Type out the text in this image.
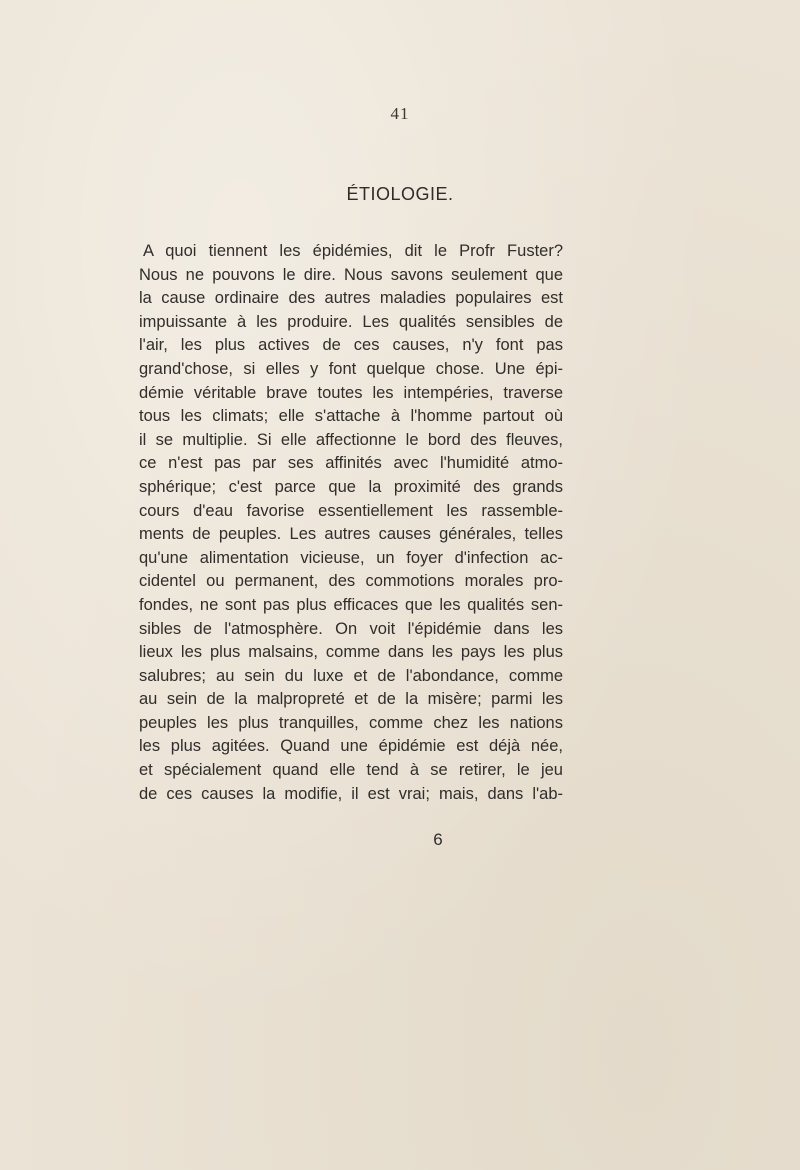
41
ÉTIOLOGIE.
A quoi tiennent les épidémies, dit le Profr Fuster?
Nous ne pouvons le dire. Nous savons seulement que
la cause ordinaire des autres maladies populaires est
impuissante à les produire. Les qualités sensibles de
l'air, les plus actives de ces causes, n'y font pas
grand'chose, si elles y font quelque chose. Une épi-
démie véritable brave toutes les intempéries, traverse
tous les climats; elle s'attache à l'homme partout où
il se multiplie. Si elle affectionne le bord des fleuves,
ce n'est pas par ses affinités avec l'humidité atmo-
sphérique; c'est parce que la proximité des grands
cours d'eau favorise essentiellement les rassemble-
ments de peuples. Les autres causes générales, telles
qu'une alimentation vicieuse, un foyer d'infection ac-
cidentel ou permanent, des commotions morales pro-
fondes, ne sont pas plus efficaces que les qualités sen-
sibles de l'atmosphère. On voit l'épidémie dans les
lieux les plus malsains, comme dans les pays les plus
salubres; au sein du luxe et de l'abondance, comme
au sein de la malpropreté et de la misère; parmi les
peuples les plus tranquilles, comme chez les nations
les plus agitées. Quand une épidémie est déjà née,
et spécialement quand elle tend à se retirer, le jeu
de ces causes la modifie, il est vrai; mais, dans l'ab-
6
